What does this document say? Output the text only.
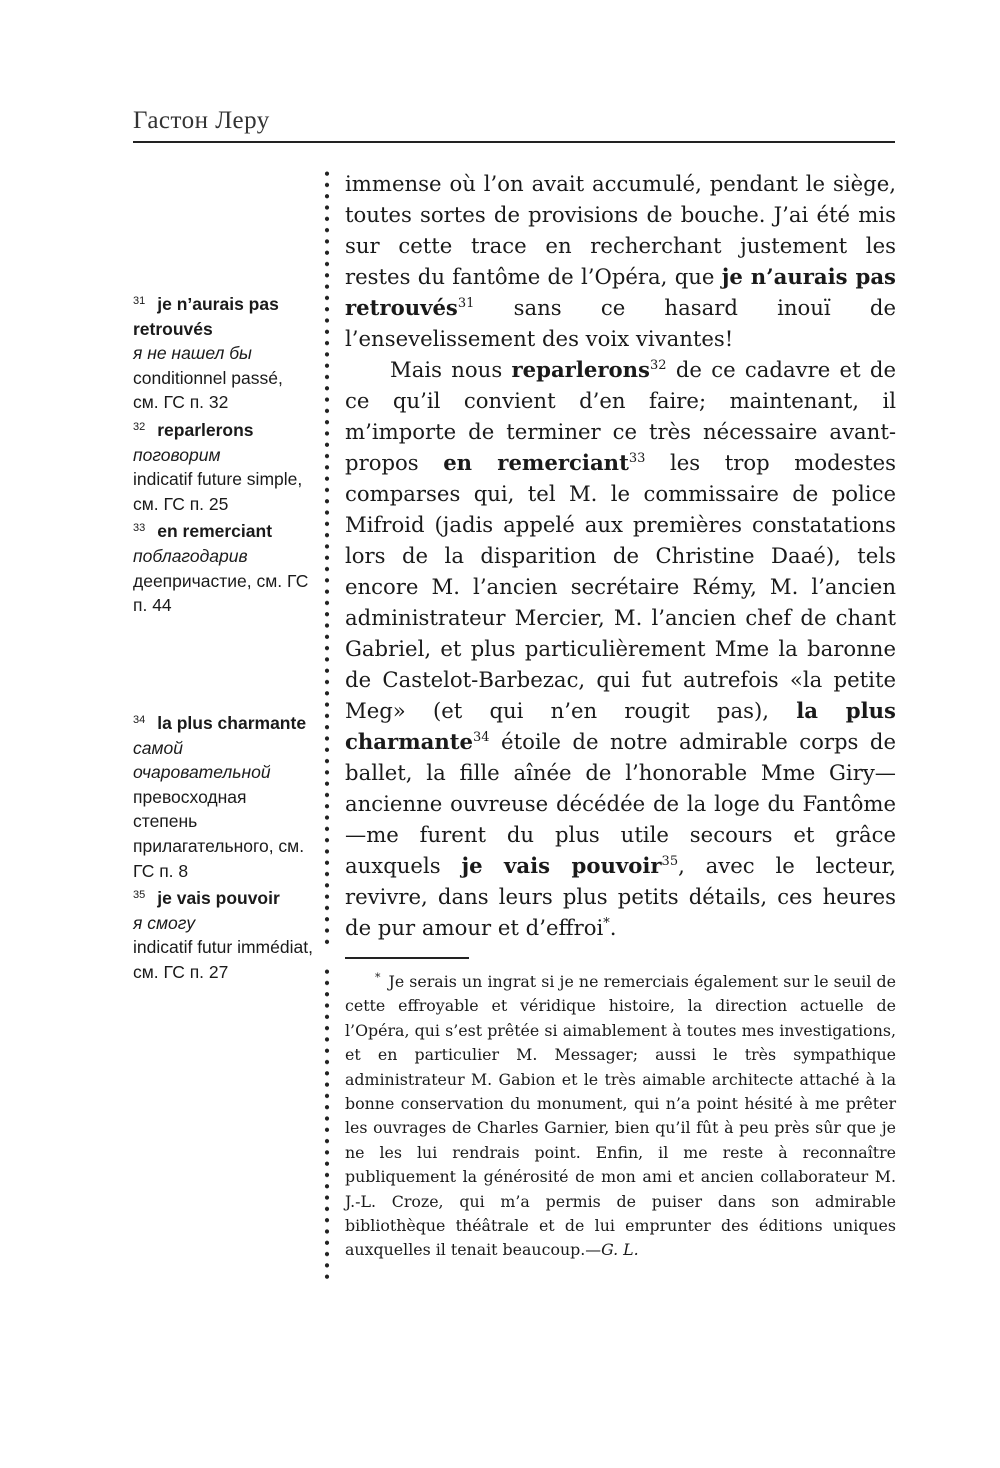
Гастон Леру

$^{31}$ je n’aurais pas retrouvés
я не нашел бы
conditionnel passé, см. ГС п. 32

$^{32}$ reparlerons
поговорим
indicatif future simple, см. ГС п. 25

$^{33}$ en remerciant
поблагодарив
деепричастие, см. ГС п. 44

$^{34}$ la plus charmante
самой очаровательной
превосходная степень прилагательного, см. ГС п. 8

$^{35}$ je vais pouvoir
я смогу
indicatif futur immédiat, см. ГС п. 27

immense où l’on avait accumulé, pendant le siège, toutes sortes de provisions de bouche. J’ai été mis sur cette trace en recherchant justement les restes du fantôme de l’Opéra, que je n’aurais pas retrouvés$^{31}$ sans ce hasard inouï de l’ensevelissement des voix vivantes!

Mais nous reparlerons$^{32}$ de ce cadavre et de ce qu’il convient d’en faire; maintenant, il m’importe de terminer ce très nécessaire avant-propos en remerciant$^{33}$ les trop modestes comparses qui, tel M. le commissaire de police Mifroid (jadis appelé aux premières constatations lors de la disparition de Christine Daaé), tels encore M. l’ancien secrétaire Rémy, M. l’ancien administrateur Mercier, M. l’ancien chef de chant Gabriel, et plus particulièrement Mme la baronne de Castelot-Barbezac, qui fut autrefois «la petite Meg» (et qui n’en rougit pas), la plus charmante$^{34}$ étoile de notre admirable corps de ballet, la fille aînée de l’honorable Mme Giry—ancienne ouvreuse décédée de la loge du Fantôme—me furent du plus utile secours et grâce auxquels je vais pouvoir$^{35}$, avec le lecteur, revivre, dans leurs plus petits détails, ces heures de pur amour et d’effroi*.

* Je serais un ingrat si je ne remerciais également sur le seuil de cette effroyable et véridique histoire, la direction actuelle de l’Opéra, qui s’est prêtée si aimablement à toutes mes investigations, et en particulier M. Messager; aussi le très sympathique administrateur M. Gabion et le très aimable architecte attaché à la bonne conservation du monument, qui n’a point hésité à me prêter les ouvrages de Charles Garnier, bien qu’il fût à peu près sûr que je ne les lui rendrais point. Enfin, il me reste à reconnaître publiquement la générosité de mon ami et ancien collaborateur M. J.-L. Croze, qui m’a permis de puiser dans son admirable bibliothèque théâtrale et de lui emprunter des éditions uniques auxquelles il tenait beaucoup.—G. L.
